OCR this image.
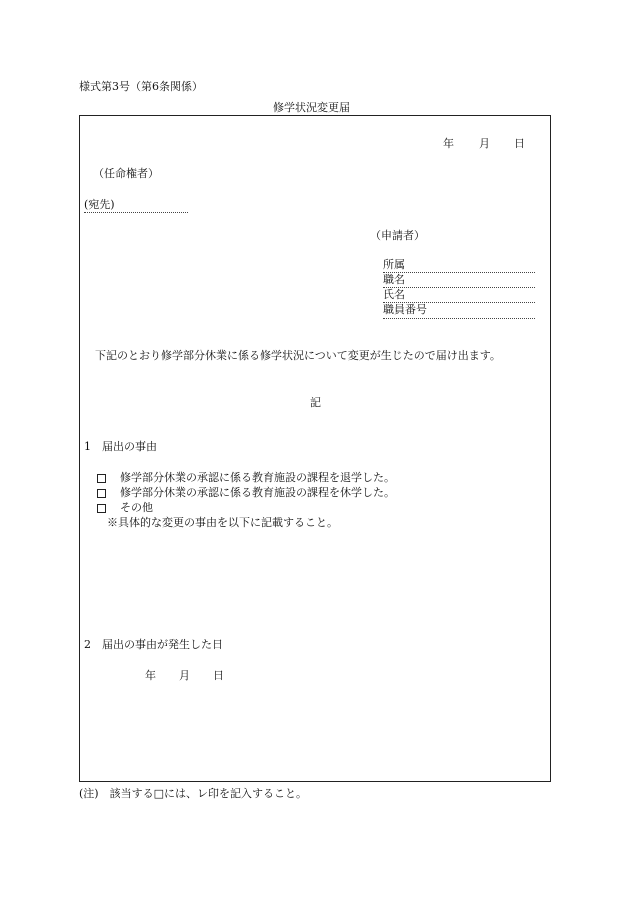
様式第3号（第6条関係）
修学状況変更届
年 月 日
（任命権者）
(宛先)
（申請者）
所属
職名
氏名
職員番号
下記のとおり修学部分休業に係る修学状況について変更が生じたので届け出ます。
記
1　届出の事由
修学部分休業の承認に係る教育施設の課程を退学した。
修学部分休業の承認に係る教育施設の課程を休学した。
その他
※具体的な変更の事由を以下に記載すること。
2　届出の事由が発生した日
年 月 日
(注)　該当する□には、レ印を記入すること。
